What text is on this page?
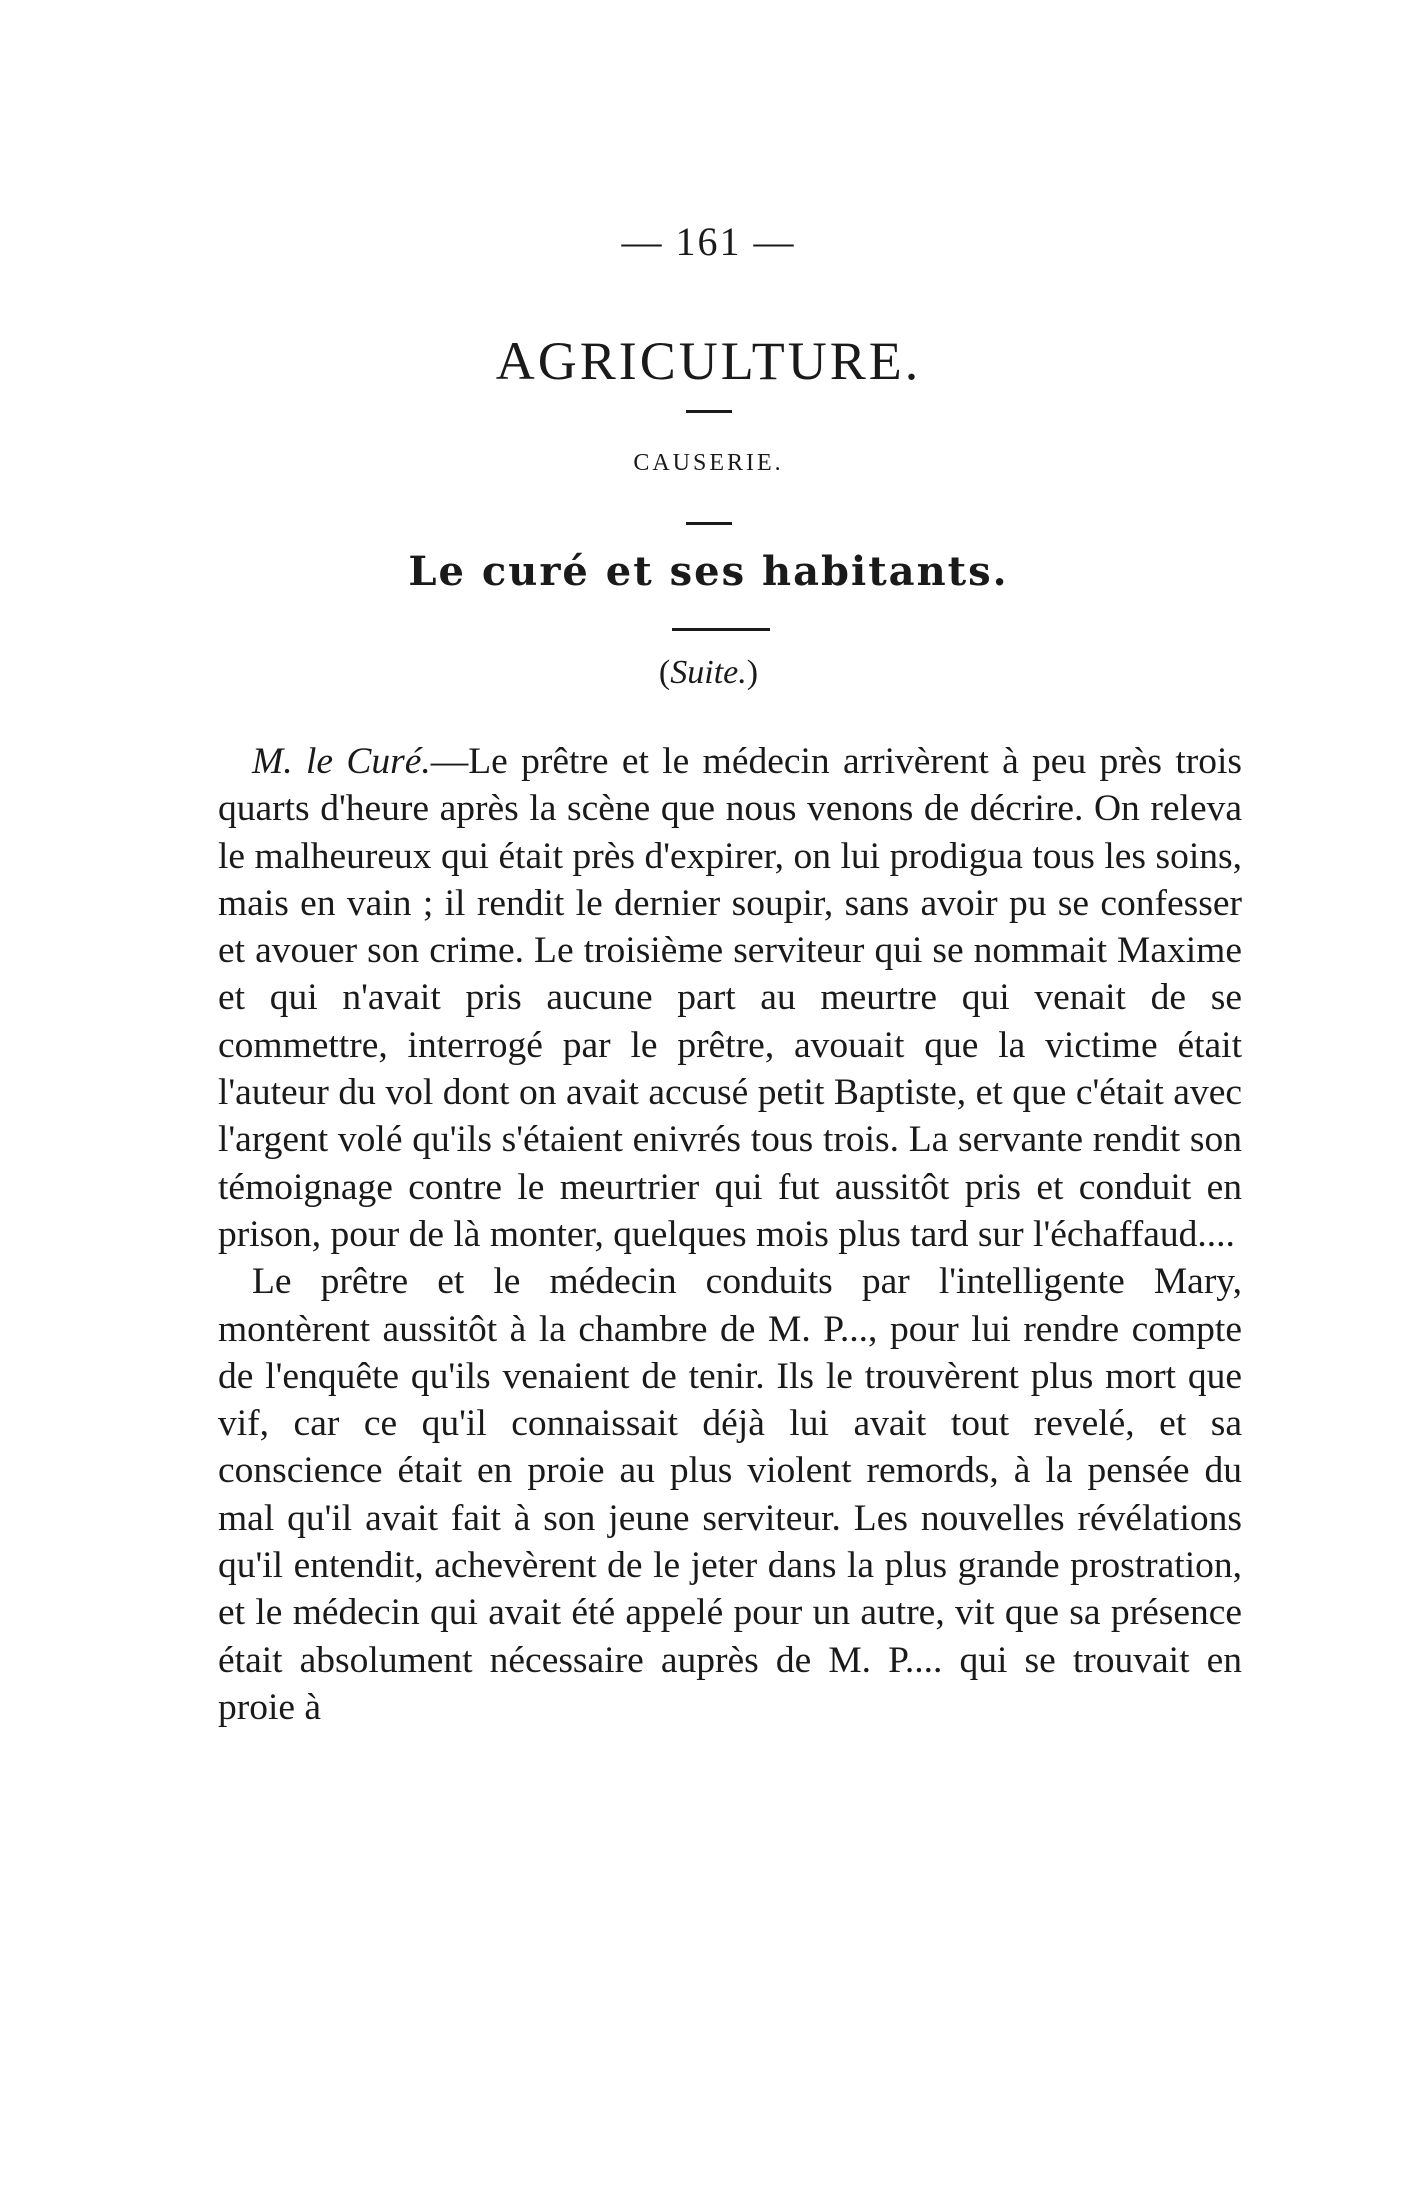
— 161 —
AGRICULTURE.
CAUSERIE.
Le curé et ses habitants.
(Suite.)

M. le Curé.—Le prêtre et le médecin arrivèrent à peu près trois quarts d'heure après la scène que nous venons de décrire. On releva le malheureux qui était près d'expirer, on lui prodigua tous les soins, mais en vain ; il rendit le dernier soupir, sans avoir pu se confesser et avouer son crime. Le troisième serviteur qui se nommait Maxime et qui n'avait pris aucune part au meurtre qui venait de se commettre, interrogé par le prêtre, avouait que la victime était l'auteur du vol dont on avait accusé petit Baptiste, et que c'était avec l'argent volé qu'ils s'étaient enivrés tous trois. La servante rendit son témoignage contre le meurtrier qui fut aussitôt pris et conduit en prison, pour de là monter, quelques mois plus tard sur l'échaffaud....

Le prêtre et le médecin conduits par l'intelligente Mary, montèrent aussitôt à la chambre de M. P..., pour lui rendre compte de l'enquête qu'ils venaient de tenir. Ils le trouvèrent plus mort que vif, car ce qu'il connaissait déjà lui avait tout revelé, et sa conscience était en proie au plus violent remords, à la pensée du mal qu'il avait fait à son jeune serviteur. Les nouvelles révélations qu'il entendit, achevèrent de le jeter dans la plus grande prostration, et le médecin qui avait été appelé pour un autre, vit que sa présence était absolument nécessaire auprès de M. P.... qui se trouvait en proie à
